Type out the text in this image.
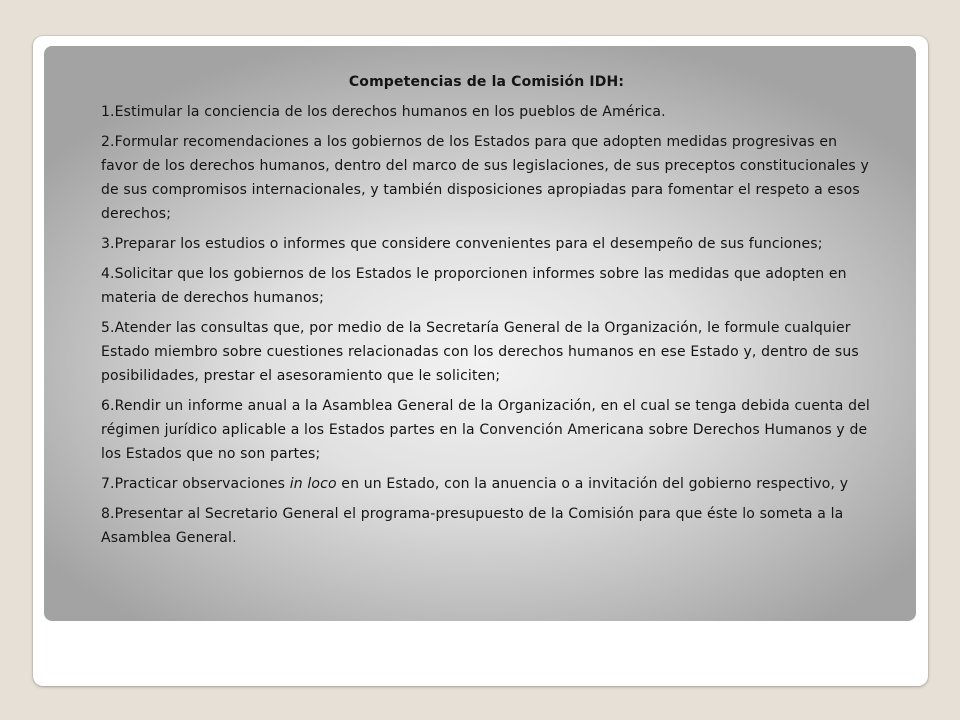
Competencias de la Comisión IDH:

1.Estimular la conciencia de los derechos humanos en los pueblos de América.

2.Formular recomendaciones a los gobiernos de los Estados para que adopten medidas progresivas en favor de los derechos humanos, dentro del marco de sus legislaciones, de sus preceptos constitucionales y de sus compromisos internacionales, y también disposiciones apropiadas para fomentar el respeto a esos derechos;

3.Preparar los estudios o informes que considere convenientes para el desempeño de sus funciones;

4.Solicitar que los gobiernos de los Estados le proporcionen informes sobre las medidas que adopten en materia de derechos humanos;

5.Atender las consultas que, por medio de la Secretaría General de la Organización, le formule cualquier Estado miembro sobre cuestiones relacionadas con los derechos humanos en ese Estado y, dentro de sus posibilidades, prestar el asesoramiento que le soliciten;

6.Rendir un informe anual a la Asamblea General de la Organización, en el cual se tenga debida cuenta del régimen jurídico aplicable a los Estados partes en la Convención Americana sobre Derechos Humanos y de los Estados que no son partes;

7.Practicar observaciones in loco en un Estado, con la anuencia o a invitación del gobierno respectivo, y

8.Presentar al Secretario General el programa-presupuesto de la Comisión para que éste lo someta a la Asamblea General.
